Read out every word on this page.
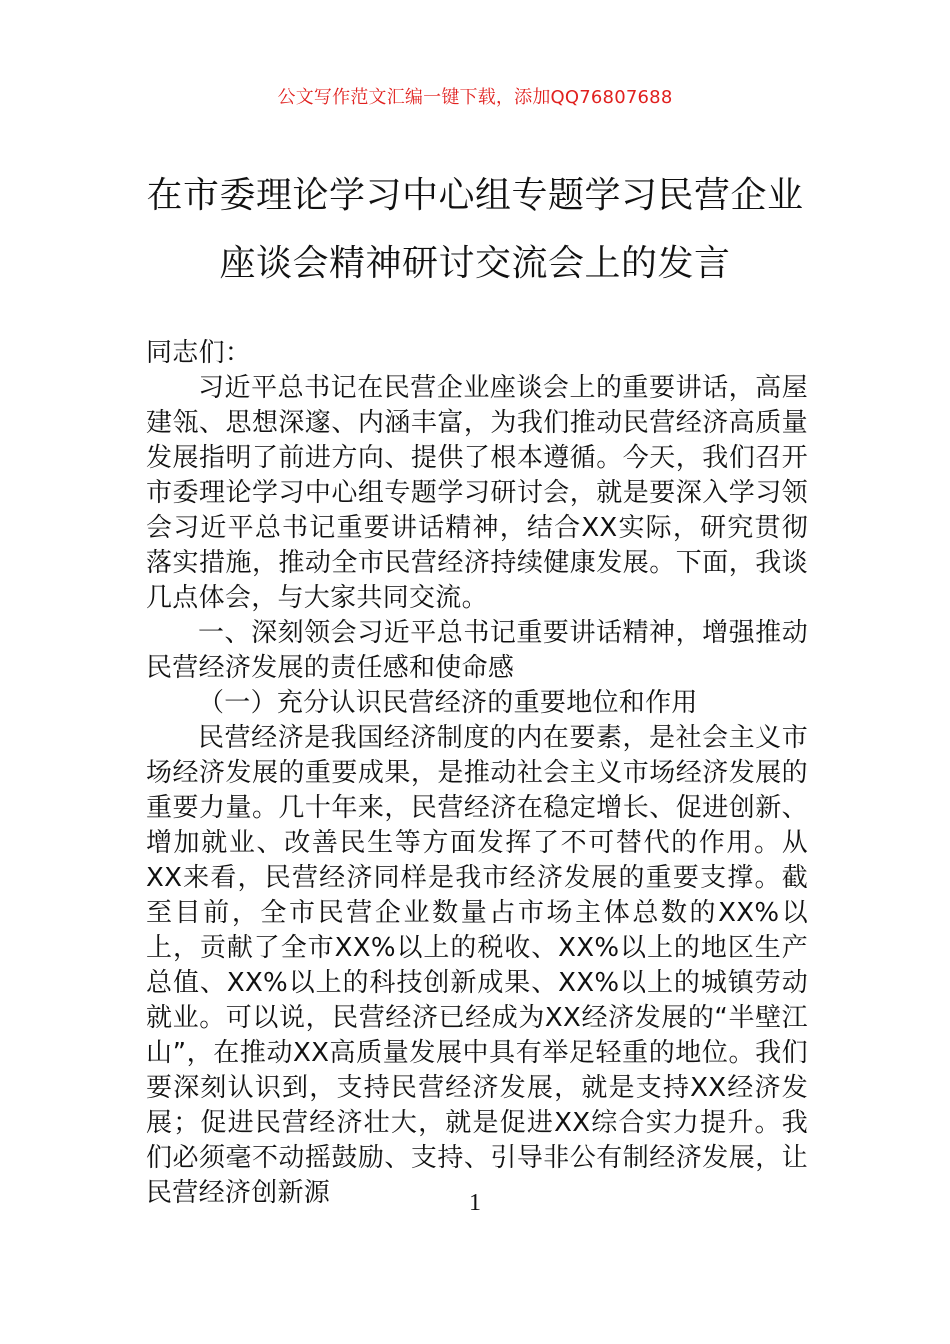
公文写作范文汇编一键下载，添加QQ76807688
在市委理论学习中心组专题学习民营企业
座谈会精神研讨交流会上的发言

同志们：

习近平总书记在民营企业座谈会上的重要讲话，高屋建瓴、思想深邃、内涵丰富，为我们推动民营经济高质量发展指明了前进方向、提供了根本遵循。今天，我们召开市委理论学习中心组专题学习研讨会，就是要深入学习领会习近平总书记重要讲话精神，结合XX实际，研究贯彻落实措施，推动全市民营经济持续健康发展。下面，我谈几点体会，与大家共同交流。

一、深刻领会习近平总书记重要讲话精神，增强推动民营经济发展的责任感和使命感

（一）充分认识民营经济的重要地位和作用

民营经济是我国经济制度的内在要素，是社会主义市场经济发展的重要成果，是推动社会主义市场经济发展的重要力量。几十年来，民营经济在稳定增长、促进创新、增加就业、改善民生等方面发挥了不可替代的作用。从XX来看，民营经济同样是我市经济发展的重要支撑。截至目前，全市民营企业数量占市场主体总数的XX%以上，贡献了全市XX%以上的税收、XX%以上的地区生产总值、XX%以上的科技创新成果、XX%以上的城镇劳动就业。可以说，民营经济已经成为XX经济发展的“半壁江山”，在推动XX高质量发展中具有举足轻重的地位。我们要深刻认识到，支持民营经济发展，就是支持XX经济发展；促进民营经济壮大，就是促进XX综合实力提升。我们必须毫不动摇鼓励、支持、引导非公有制经济发展，让民营经济创新源	1
